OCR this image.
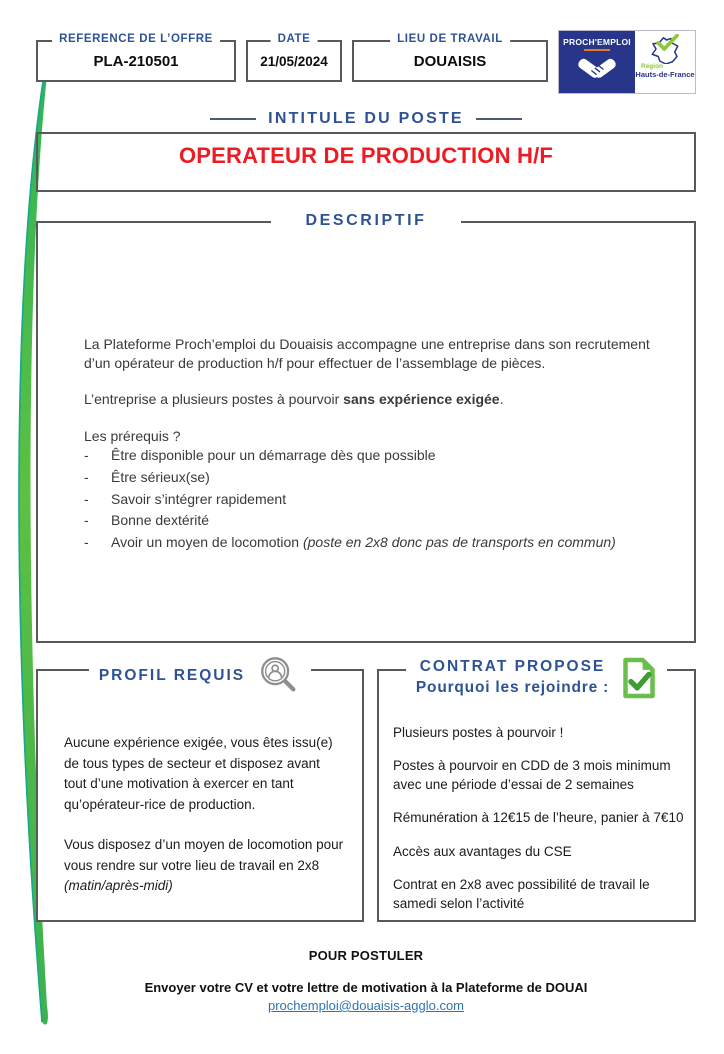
REFERENCE DE L’OFFRE
PLA-210501
DATE
21/05/2024
LIEU DE TRAVAIL
DOUAISIS
PROCH'EMPLOI
Région
Hauts-de-France
INTITULE DU POSTE
OPERATEUR DE PRODUCTION H/F
DESCRIPTIF

La Plateforme Proch’emploi du Douaisis accompagne une entreprise dans son recrutement d’un opérateur de production h/f pour effectuer de l’assemblage de pièces.

L’entreprise a plusieurs postes à pourvoir sans expérience exigée.

Les prérequis ?

-	Être disponible pour un démarrage dès que possible
-	Être sérieux(se)
-	Savoir s’intégrer rapidement
-	Bonne dextérité
-	Avoir un moyen de locomotion (poste en 2x8 donc pas de transports en commun)
PROFIL REQUIS

Aucune expérience exigée, vous êtes issu(e) de tous types de secteur et disposez avant tout d’une motivation à exercer en tant qu’opérateur-rice de production.

Vous disposez d’un moyen de locomotion pour vous rendre sur votre lieu de travail en 2x8 (matin/après-midi)

CONTRAT PROPOSE
Pourquoi les rejoindre :

Plusieurs postes à pourvoir !

Postes à pourvoir en CDD de 3 mois minimum avec une période d’essai de 2 semaines

Rémunération à 12€15 de l’heure, panier à 7€10

Accès aux avantages du CSE

Contrat en 2x8 avec possibilité de travail le samedi selon l’activité

POUR POSTULER
Envoyer votre CV et votre lettre de motivation à la Plateforme de DOUAI
prochemploi@douaisis-agglo.com
